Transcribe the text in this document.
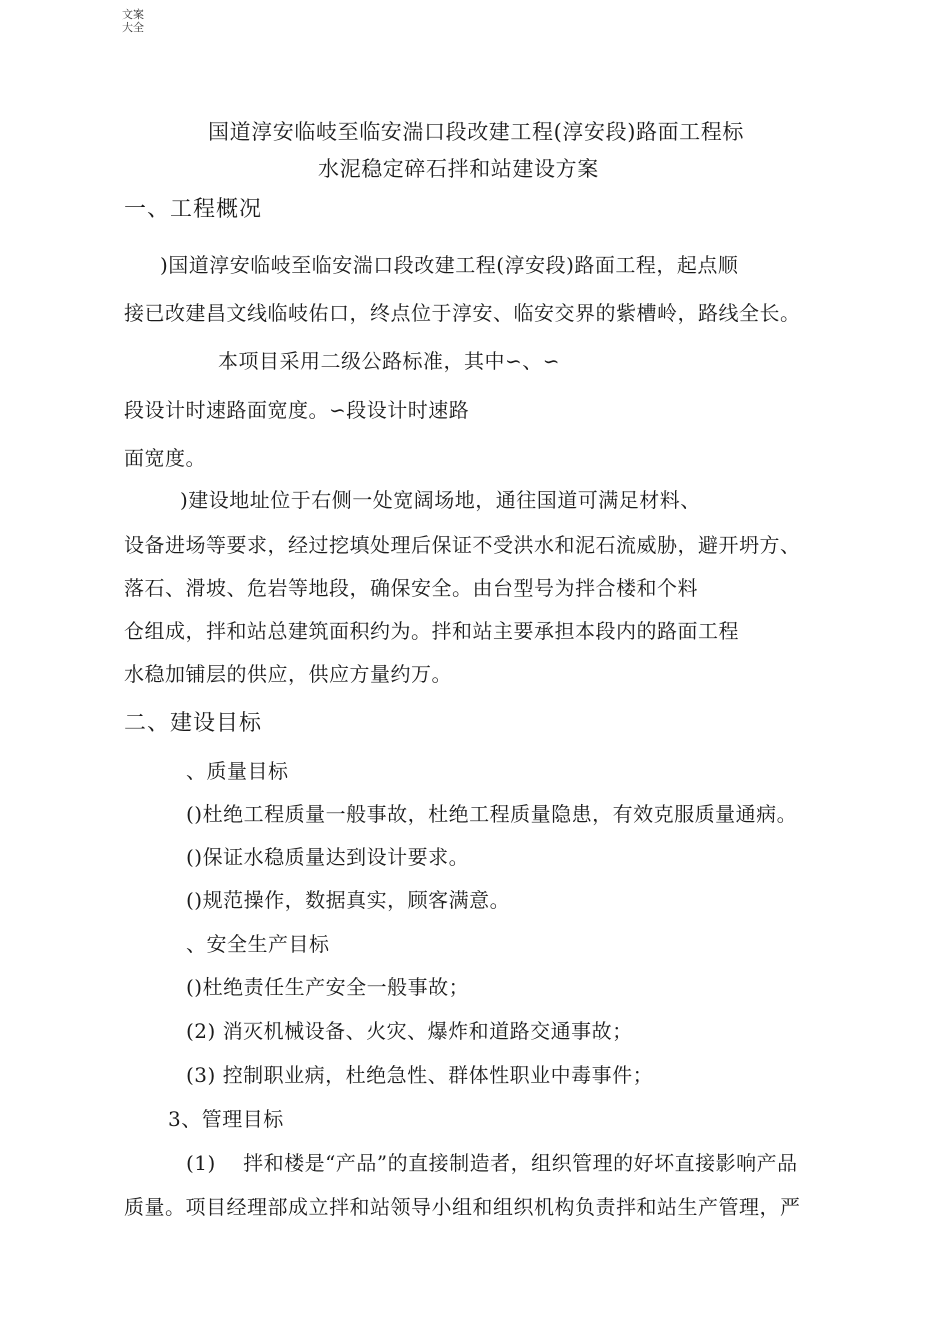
文案大全
国道淳安临岐至临安湍口段改建工程(淳安段)路面工程标
水泥稳定碎石拌和站建设方案
一、工程概况
)国道淳安临岐至临安湍口段改建工程(淳安段)路面工程，起点顺
接已改建昌文线临岐佑口，终点位于淳安、临安交界的紫槽岭，路线全长。
本项目采用二级公路标准，其中∽、∽
段设计时速路面宽度。∽段设计时速路
面宽度。
)建设地址位于右侧一处宽阔场地，通往国道可满足材料、
设备进场等要求，经过挖填处理后保证不受洪水和泥石流威胁，避开坍方、
落石、滑坡、危岩等地段，确保安全。由台型号为拌合楼和个料
仓组成，拌和站总建筑面积约为。拌和站主要承担本段内的路面工程
水稳加铺层的供应，供应方量约万。
二、建设目标
、质量目标
()杜绝工程质量一般事故，杜绝工程质量隐患，有效克服质量通病。
()保证水稳质量达到设计要求。
()规范操作，数据真实，顾客满意。
、安全生产目标
()杜绝责任生产安全一般事故；
(2) 消灭机械设备、火灾、爆炸和道路交通事故；
(3) 控制职业病，杜绝急性、群体性职业中毒事件；
3、管理目标
(1)　 拌和楼是“产品”的直接制造者，组织管理的好坏直接影响产品
质量。项目经理部成立拌和站领导小组和组织机构负责拌和站生产管理，严
